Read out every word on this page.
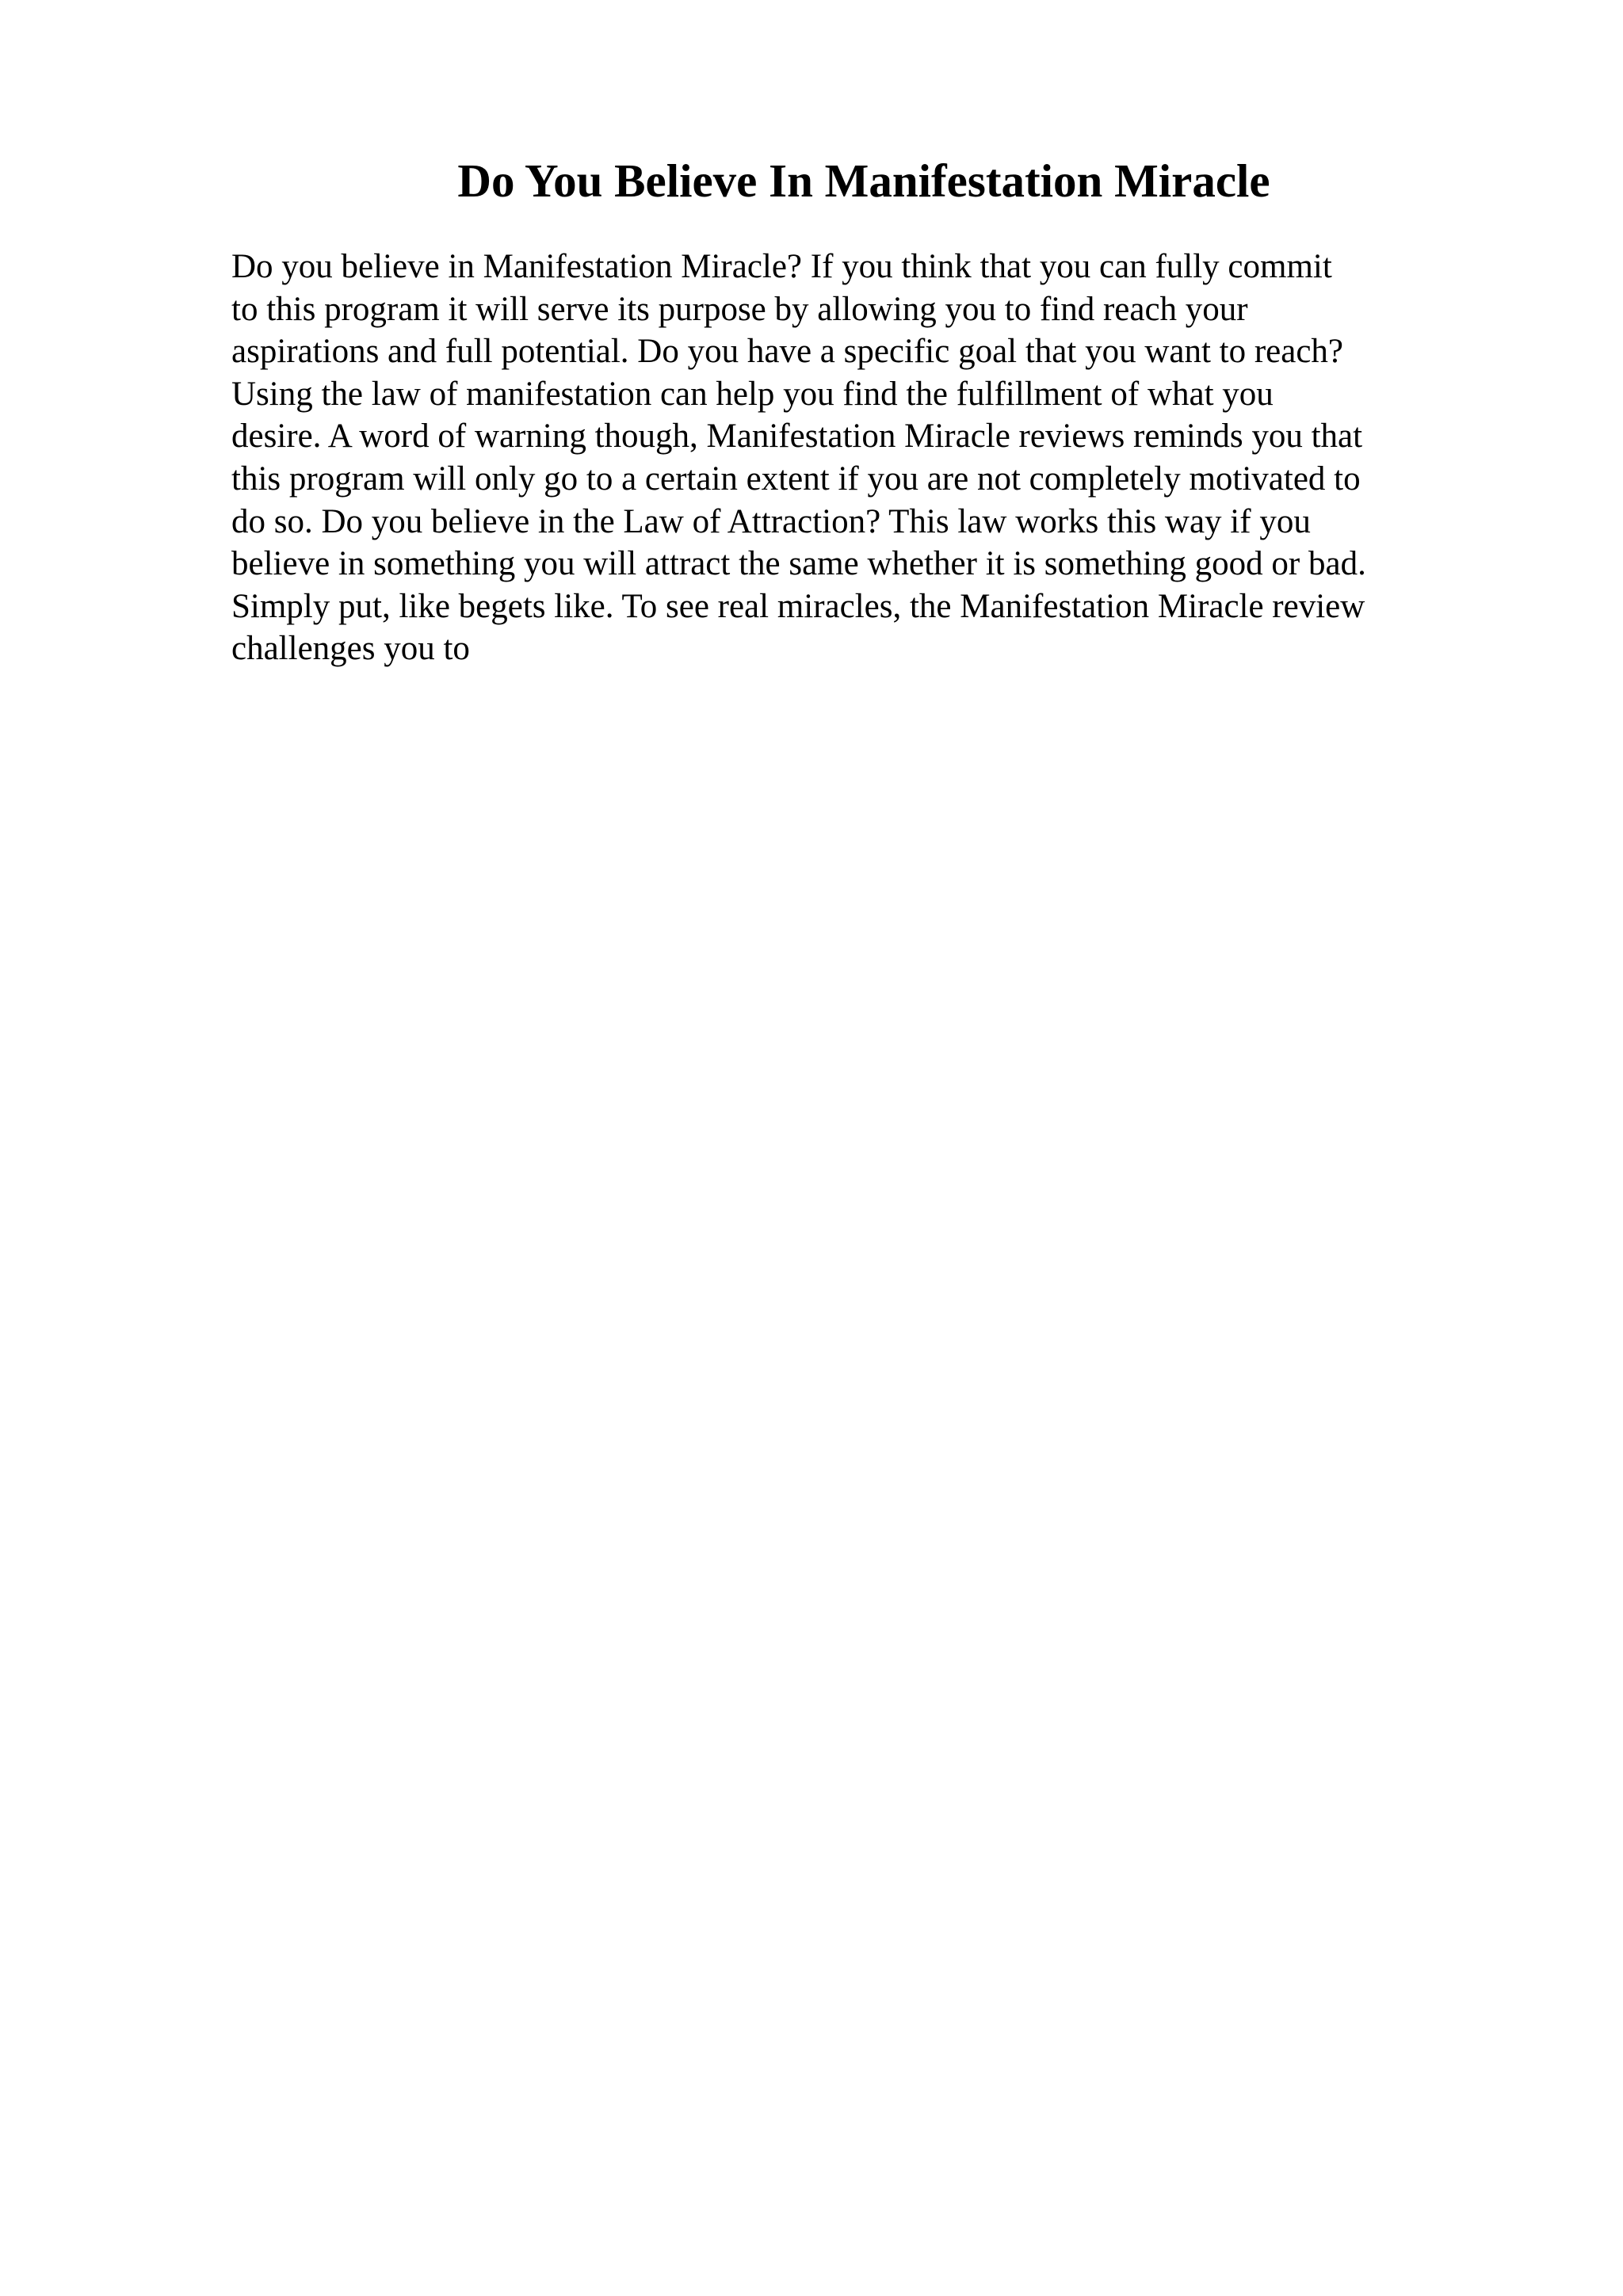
Do You Believe In Manifestation Miracle
Do you believe in Manifestation Miracle? If you think that you can fully commit
to this program it will serve its purpose by allowing you to find reach your
aspirations and full potential. Do you have a specific goal that you want to reach?
Using the law of manifestation can help you find the fulfillment of what you
desire. A word of warning though, Manifestation Miracle reviews reminds you that
this program will only go to a certain extent if you are not completely motivated to
do so. Do you believe in the Law of Attraction? This law works this way if you
believe in something you will attract the same whether it is something good or bad.
Simply put, like begets like. To see real miracles, the Manifestation Miracle review
challenges you to
